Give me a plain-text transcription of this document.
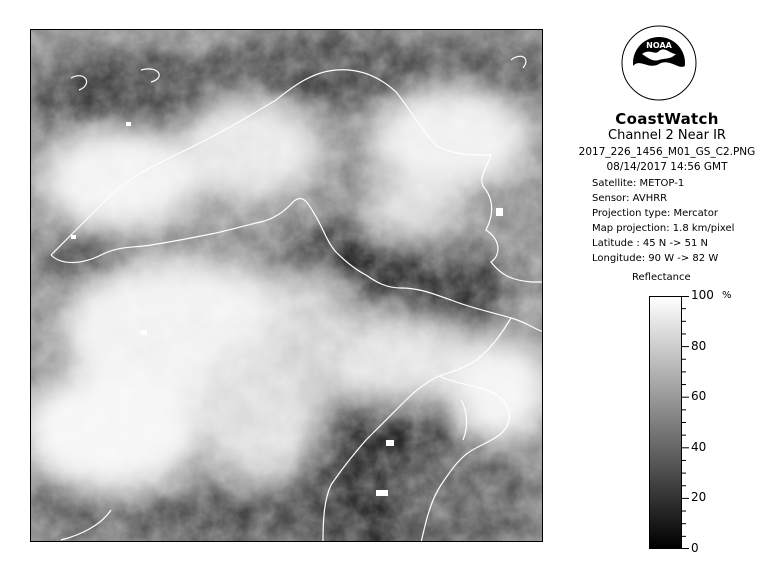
NOAA
CoastWatch
Channel 2 Near IR
2017_226_1456_M01_GS_C2.PNG
08/14/2017 14:56 GMT
Satellite: METOP-1
Sensor: AVHRR
Projection type: Mercator
Map projection: 1.8 km/pixel
Latitude : 45 N -> 51 N
Longitude: 90 W -> 82 W
Reflectance
%
0
20
40
60
80
100
